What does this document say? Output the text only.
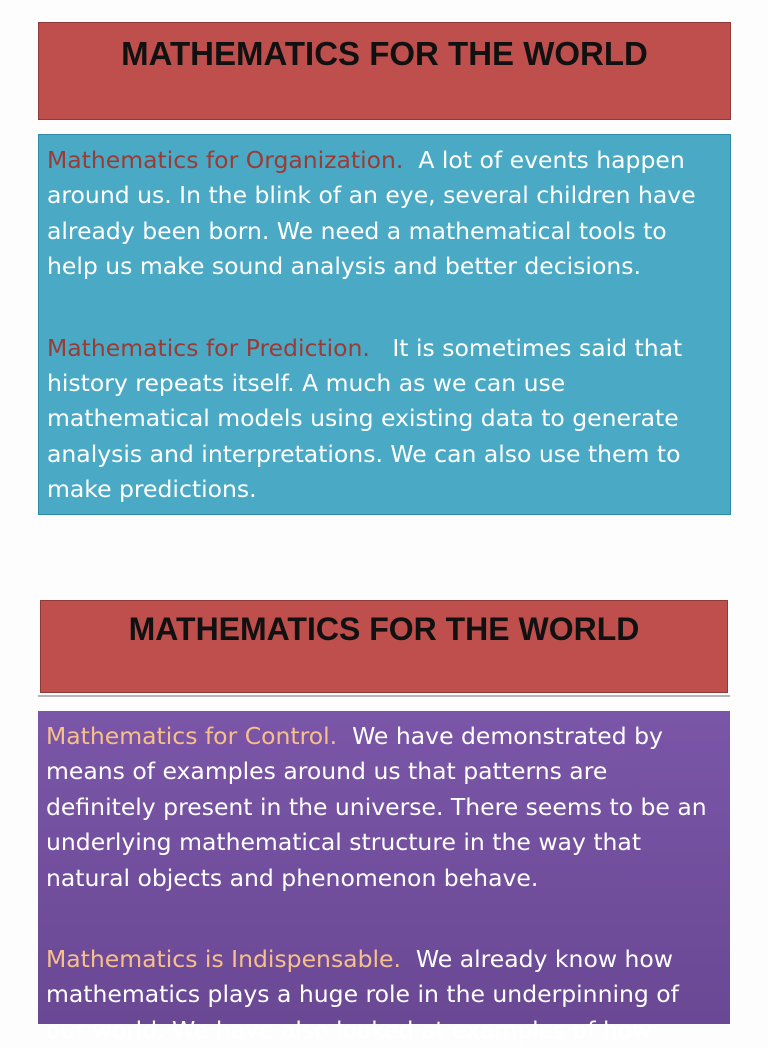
MATHEMATICS FOR THE WORLD

Mathematics for Organization. A lot of events happen around us. In the blink of an eye, several children have already been born. We need a mathematical tools to help us make sound analysis and better decisions.

Mathematics for Prediction. It is sometimes said that history repeats itself. A much as we can use mathematical models using existing data to generate analysis and interpretations. We can also use them to make predictions.

MATHEMATICS FOR THE WORLD

Mathematics for Control. We have demonstrated by means of examples around us that patterns are definitely present in the universe. There seems to be an underlying mathematical structure in the way that natural objects and phenomenon behave.

Mathematics is Indispensable. We already know how mathematics plays a huge role in the underpinning of our world. We have also looked at examples of how
